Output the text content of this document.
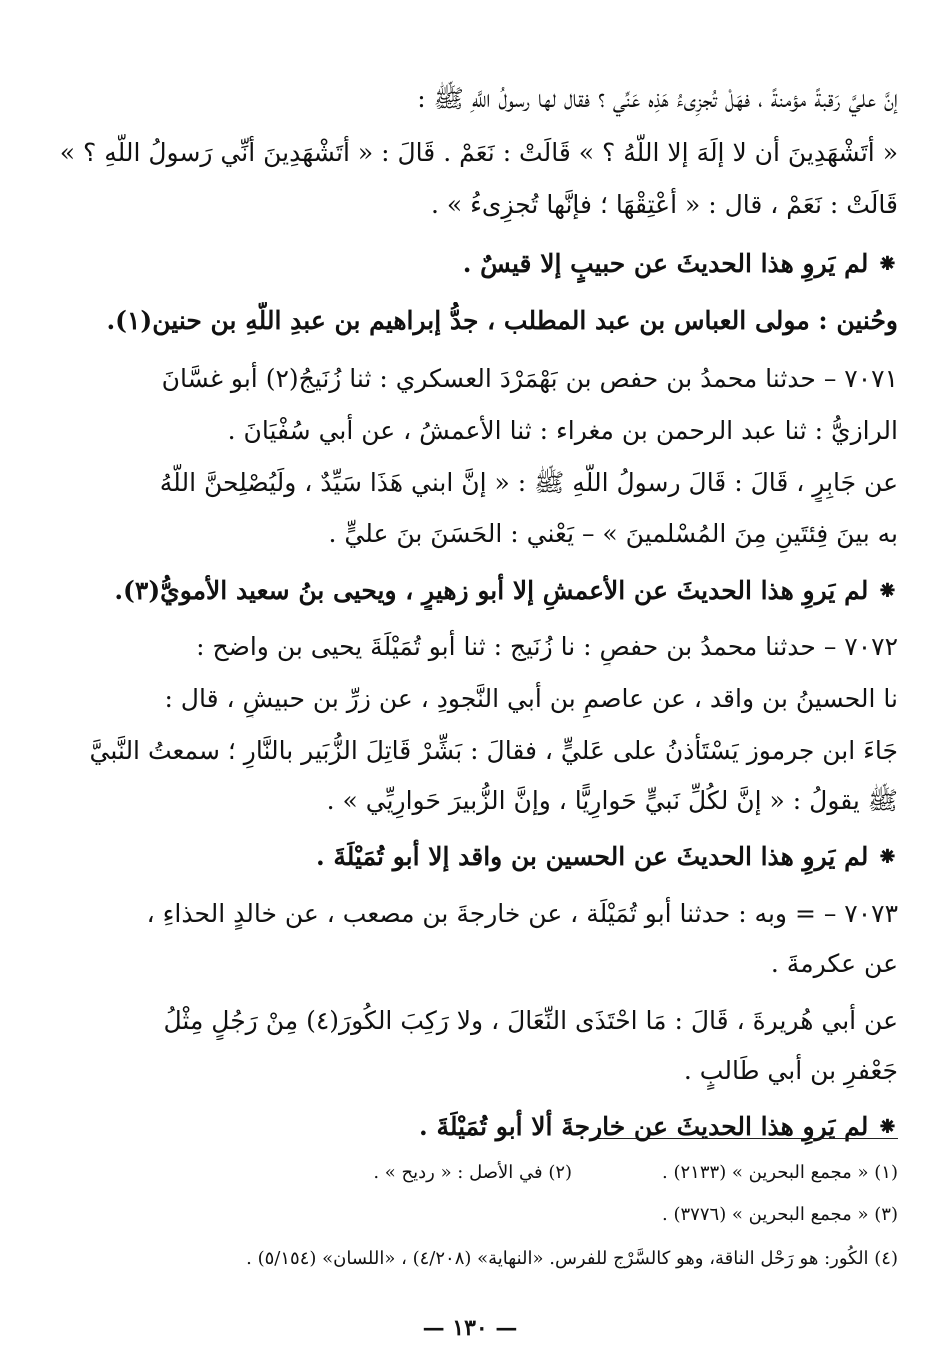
إنَّ عليَّ رَقبةً مؤمنةً ، فهَلْ تُجزِىءُ هَذِه عَنِّي ؟ فقال لها رسولُ اللَّهِ ﷺ :
« أتَشْهَدِينَ أن لا إلَهَ إلا اللَّهُ ؟ » قَالَتْ : نَعَمْ . قَالَ : « أتَشْهَدِينَ أنِّي رَسولُ اللَّهِ ؟ »
قَالَتْ : نَعَمْ ، قال : « أعْتِقْهَا ؛ فإنَّها تُجزِىءُ » .
⁕ لم يَروِ هذا الحديثَ عن حبيبٍ إلا قيسٌ .
وحُنين : مولى العباس بن عبد المطلب ، جدُّ إبراهيم بن عبدِ اللَّهِ بن حنين(١).
٧٠٧١ – حدثنا محمدُ بن حفص بن بَهْمَرْدَ العسكري : ثنا زُنَيجُ(٢) أبو غسَّانَ
الرازيُّ : ثنا عبد الرحمن بن مغراء : ثنا الأعمشُ ، عن أبي سُفْيَانَ .
عن جَابِرٍ ، قَالَ : قَالَ رسولُ اللَّهِ ﷺ : « إنَّ ابني هَذَا سَيِّدٌ ، ولَيُصْلِحنَّ اللَّهُ
به بينَ فِئتَينِ مِنَ المُسْلمينَ » – يَعْني : الحَسَنَ بنَ عليٍّ .
⁕ لم يَروِ هذا الحديثَ عن الأعمشِ إلا أبو زهيرٍ ، ويحيى بنُ سعيد الأمويُّ(٣).
٧٠٧٢ – حدثنا محمدُ بن حفصٍ : نا زُنَيج : ثنا أبو تُمَيْلَةَ يحيى بن واضح :
نا الحسينُ بن واقد ، عن عاصمِ بن أبي النَّجودِ ، عن زرِّ بن حبيشٍ ، قال :
جَاءَ ابن جرموز يَسْتَأْذنُ على عَليٍّ ، فقالَ : بَشِّرْ قَاتِلَ الزُّبَير بالنَّارِ ؛ سمعتُ النَّبيَّ
ﷺ يقولُ : « إنَّ لكُلِّ نَبيٍّ حَوارِيًّا ، وإنَّ الزُّبيرَ حَوارِيِّي » .
⁕ لم يَروِ هذا الحديثَ عن الحسين بن واقد إلا أبو تُمَيْلَةَ .
٧٠٧٣ – = وبه : حدثنا أبو تُمَيْلَة ، عن خارجةَ بن مصعب ، عن خالدٍ الحذاءِ ،
عن عكرمةَ .
عن أبي هُريرةَ ، قَالَ : مَا احْتَذَى النِّعَالَ ، ولا رَكِبَ الكُورَ(٤) مِنْ رَجُلٍ مِثْلُ
جَعْفرِ بن أبي طَالبٍ .
⁕ لم يَروِ هذا الحديثَ عن خارجةَ ألا أبو تُمَيْلَةَ .
(١) « مجمع البحرين » (٢١٣٣) .
(٢) في الأصل : « رديح » .
(٣) « مجمع البحرين » (٣٧٧٦) .
(٤) الكُور: هو رَحْل الناقة، وهو كالسَّرْج للفرس. «النهاية» (٤/٢٠٨) ، «اللسان» (٥/١٥٤) .
— ١٣٠ —
